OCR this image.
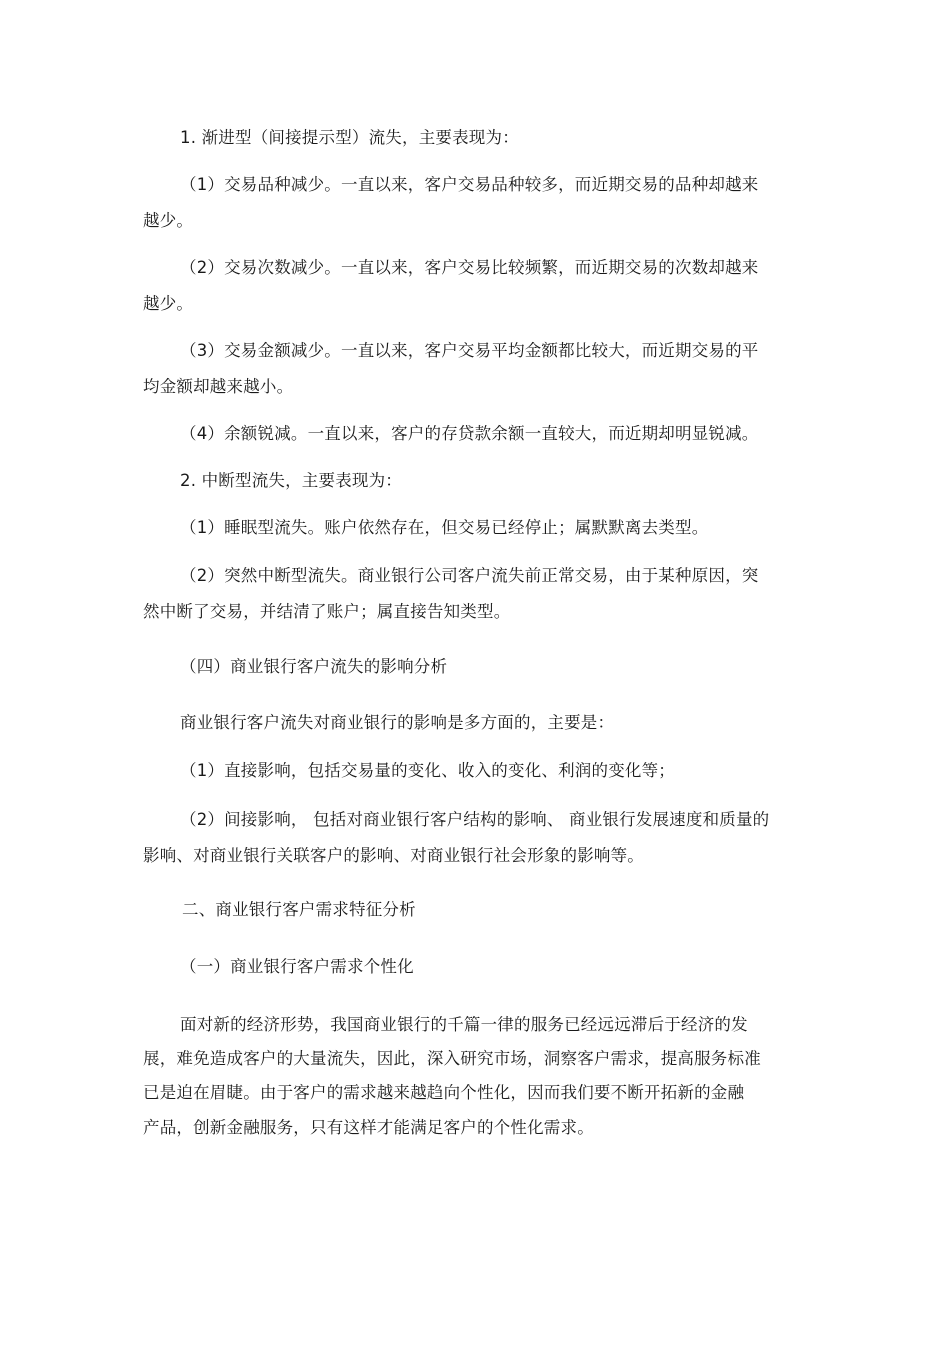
1. 渐进型（间接提示型）流失，主要表现为：
（1）交易品种减少。一直以来，客户交易品种较多，而近期交易的品种却越来
越少。
（2）交易次数减少。一直以来，客户交易比较频繁，而近期交易的次数却越来
越少。
（3）交易金额减少。一直以来，客户交易平均金额都比较大，而近期交易的平
均金额却越来越小。
（4）余额锐减。一直以来，客户的存贷款余额一直较大，而近期却明显锐减。
2. 中断型流失，主要表现为：
（1）睡眠型流失。账户依然存在，但交易已经停止；属默默离去类型。
（2）突然中断型流失。商业银行公司客户流失前正常交易，由于某种原因，突
然中断了交易，并结清了账户；属直接告知类型。
（四）商业银行客户流失的影响分析
商业银行客户流失对商业银行的影响是多方面的，主要是：
（1）直接影响，包括交易量的变化、收入的变化、利润的变化等；
（2）间接影响， 包括对商业银行客户结构的影响、 商业银行发展速度和质量的
影响、对商业银行关联客户的影响、对商业银行社会形象的影响等。
二、商业银行客户需求特征分析
（一）商业银行客户需求个性化
面对新的经济形势，我国商业银行的千篇一律的服务已经远远滞后于经济的发
展，难免造成客户的大量流失，因此，深入研究市场，洞察客户需求，提高服务标准
已是迫在眉睫。由于客户的需求越来越趋向个性化，因而我们要不断开拓新的金融
产品，创新金融服务，只有这样才能满足客户的个性化需求。
